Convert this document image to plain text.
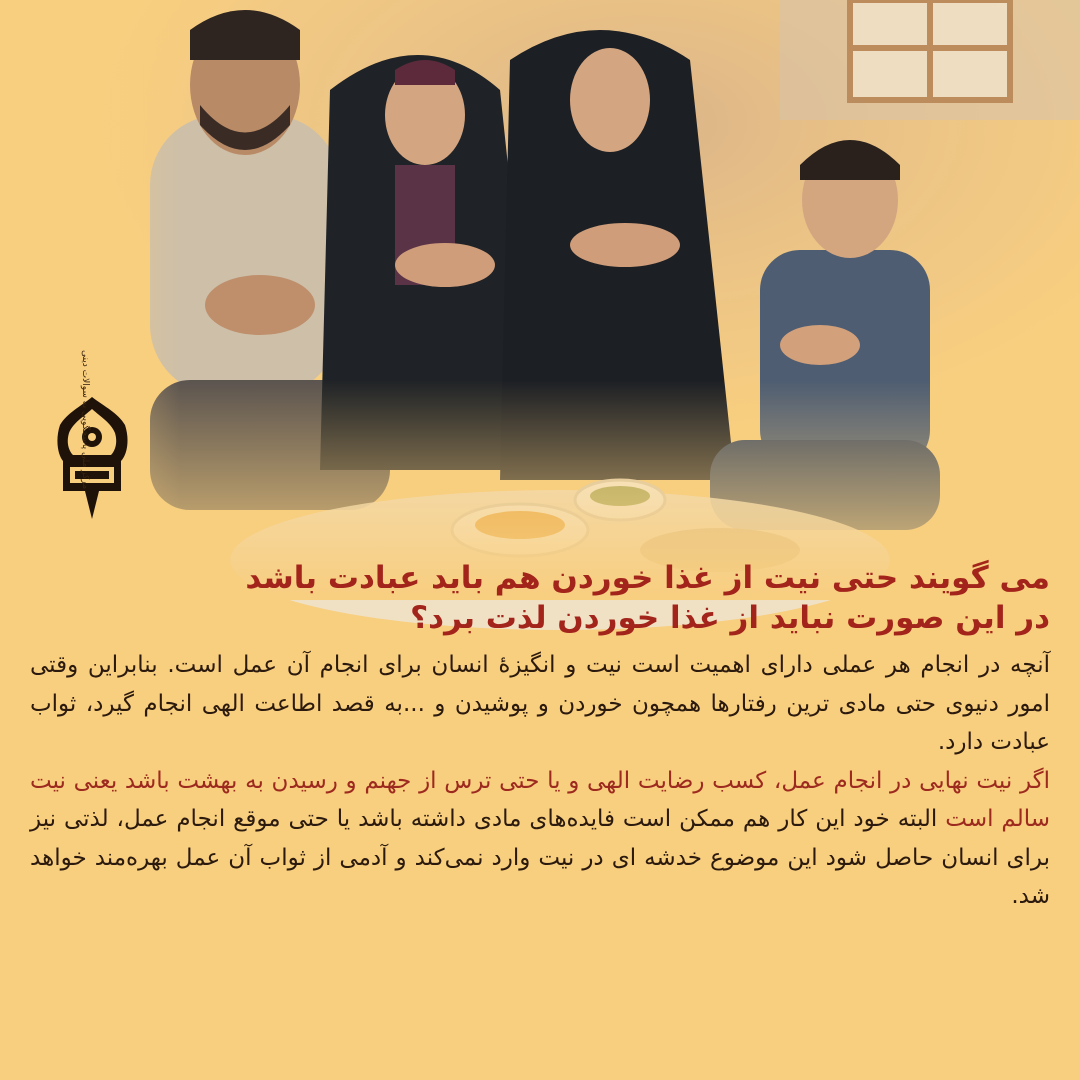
مرکز ملی پاسخگویی به سوالات دینی
می گویند حتی نیت از غذا خوردن هم باید عبادت باشد
در این صورت نباید از غذا خوردن لذت برد؟

آنچه در انجام هر عملی دارای اهمیت است نیت و انگیزۀ انسان برای انجام آن عمل است. بنابراین وقتی امور دنیوی حتی مادی ترین رفتارها همچون خوردن و پوشیدن و ...به قصد اطاعت الهی انجام گیرد، ثواب عبادت دارد.
اگر نیت نهایی در انجام عمل، کسب رضایت الهی و یا حتی ترس از جهنم و رسیدن به بهشت باشد یعنی نیت سالم است البته خود این کار هم ممکن است فایده‌های مادی داشته باشد یا حتی موقع انجام عمل، لذتی نیز برای انسان حاصل شود این موضوع خدشه ای در نیت وارد نمی‌کند و آدمی از ثواب آن عمل بهره‌مند خواهد شد.
